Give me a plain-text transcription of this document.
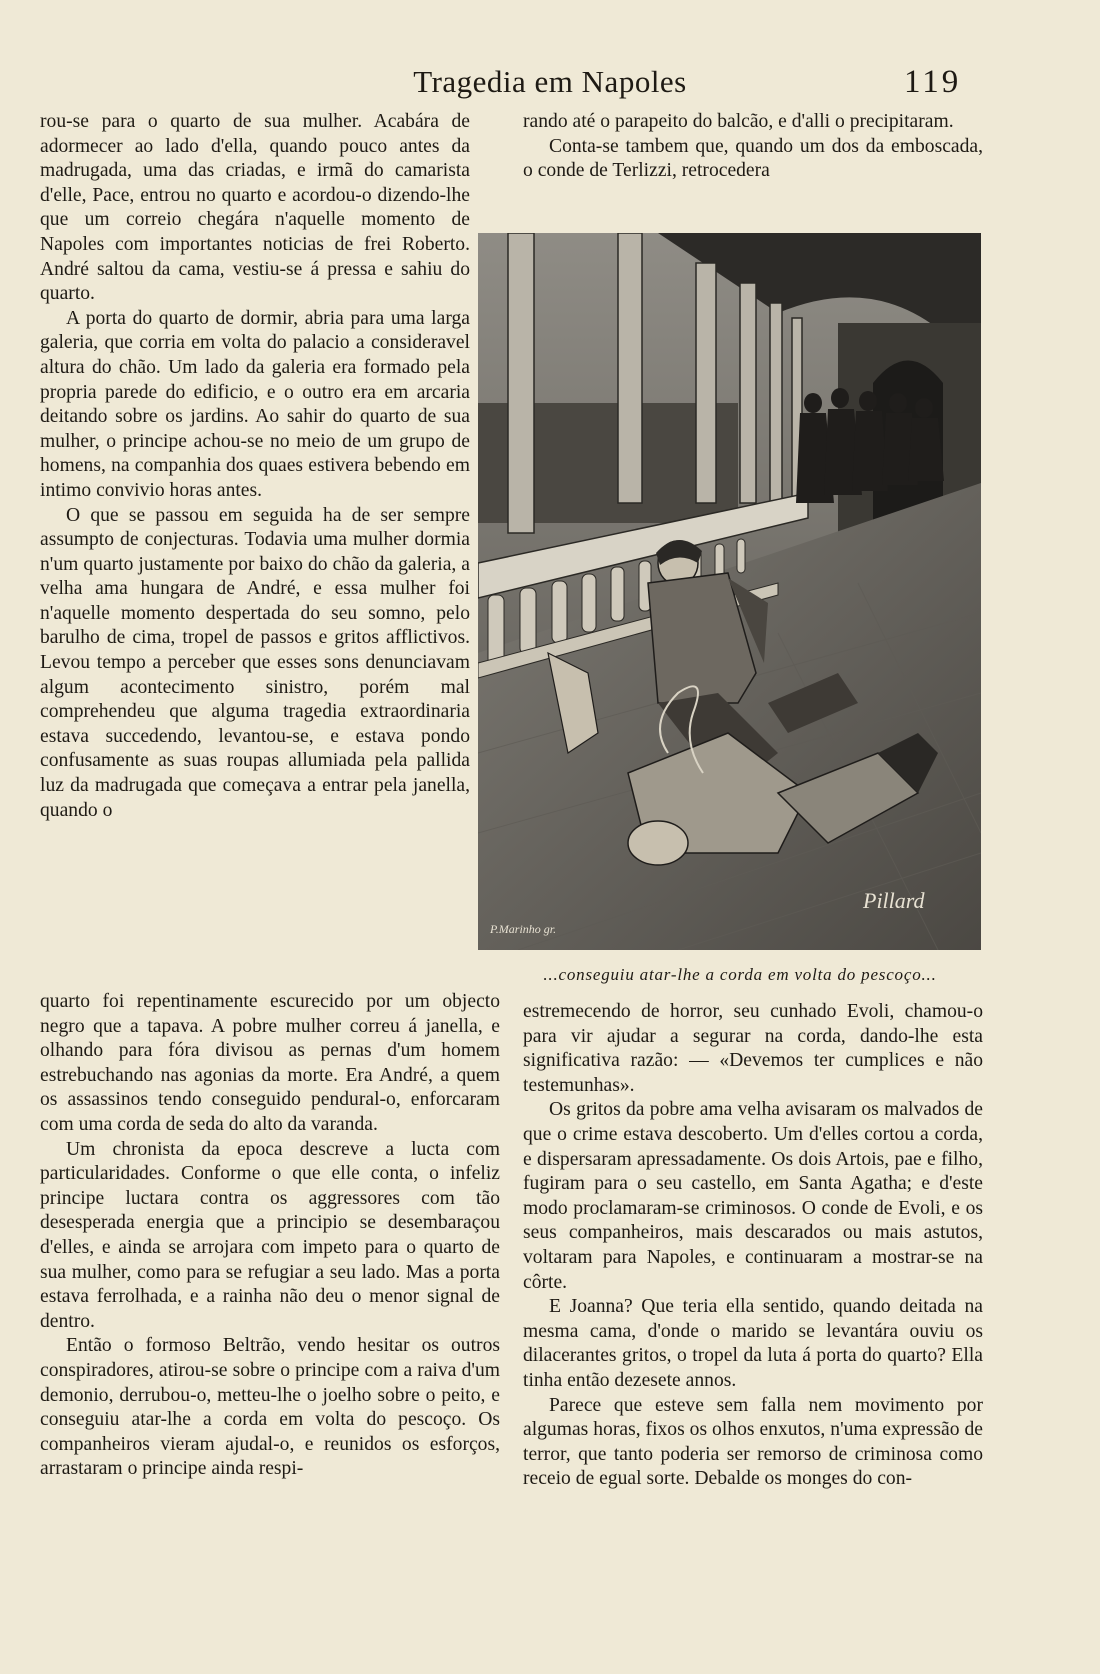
Tragedia em Napoles	119

rou-se para o quarto de sua mulher. Acabára de adormecer ao lado d'ella, quando pouco antes da madrugada, uma das criadas, e irmã do camarista d'elle, Pace, entrou no quarto e acordou-o dizendo-lhe que um correio chegára n'aquelle momento de Napoles com importantes noticias de frei Roberto. André saltou da cama, vestiu-se á pressa e sahiu do quarto.

A porta do quarto de dormir, abria para uma larga galeria, que corria em volta do palacio a consideravel altura do chão. Um lado da galeria era formado pela propria parede do edificio, e o outro era em arcaria deitando sobre os jardins. Ao sahir do quarto de sua mulher, o principe achou-se no meio de um grupo de homens, na companhia dos quaes estivera bebendo em intimo convivio horas antes.

O que se passou em seguida ha de ser sempre assumpto de conjecturas. Todavia uma mulher dormia n'um quarto justamente por baixo do chão da galeria, a velha ama hungara de André, e essa mulher foi n'aquelle momento despertada do seu somno, pelo barulho de cima, tropel de passos e gritos afflictivos. Levou tempo a perceber que esses sons denunciavam algum acontecimento sinistro, porém mal comprehendeu que alguma tragedia extraordinaria estava succedendo, levantou-se, e estava pondo confusamente as suas roupas allumiada pela pallida luz da madrugada que começava a entrar pela janella, quando o

P.Marinho gr.
Pillard

rando até o parapeito do balcão, e d'alli o precipitaram.

Conta-se tambem que, quando um dos da emboscada, o conde de Terlizzi, retrocedera

...conseguiu atar-lhe a corda em volta do pescoço...

quarto foi repentinamente escurecido por um objecto negro que a tapava. A pobre mulher correu á janella, e olhando para fóra divisou as pernas d'um homem estrebuchando nas agonias da morte. Era André, a quem os assassinos tendo conseguido pendural-o, enforcaram com uma corda de seda do alto da varanda.

Um chronista da epoca descreve a lucta com particularidades. Conforme o que elle conta, o infeliz principe luctara contra os aggressores com tão desesperada energia que a principio se desembaraçou d'elles, e ainda se arrojara com impeto para o quarto de sua mulher, como para se refugiar a seu lado. Mas a porta estava ferrolhada, e a rainha não deu o menor signal de dentro.

Então o formoso Beltrão, vendo hesitar os outros conspiradores, atirou-se sobre o principe com a raiva d'um demonio, derrubou-o, metteu-lhe o joelho sobre o peito, e conseguiu atar-lhe a corda em volta do pescoço. Os companheiros vieram ajudal-o, e reunidos os esforços, arrastaram o principe ainda respi-

estremecendo de horror, seu cunhado Evoli, chamou-o para vir ajudar a segurar na corda, dando-lhe esta significativa razão: — «Devemos ter cumplices e não testemunhas».

Os gritos da pobre ama velha avisaram os malvados de que o crime estava descoberto. Um d'elles cortou a corda, e dispersaram apressadamente. Os dois Artois, pae e filho, fugiram para o seu castello, em Santa Agatha; e d'este modo proclamaram-se criminosos. O conde de Evoli, e os seus companheiros, mais descarados ou mais astutos, voltaram para Napoles, e continuaram a mostrar-se na côrte.

E Joanna? Que teria ella sentido, quando deitada na mesma cama, d'onde o marido se levantára ouviu os dilacerantes gritos, o tropel da luta á porta do quarto? Ella tinha então dezesete annos.

Parece que esteve sem falla nem movimento por algumas horas, fixos os olhos enxutos, n'uma expressão de terror, que tanto poderia ser remorso de criminosa como receio de egual sorte. Debalde os monges do con-
